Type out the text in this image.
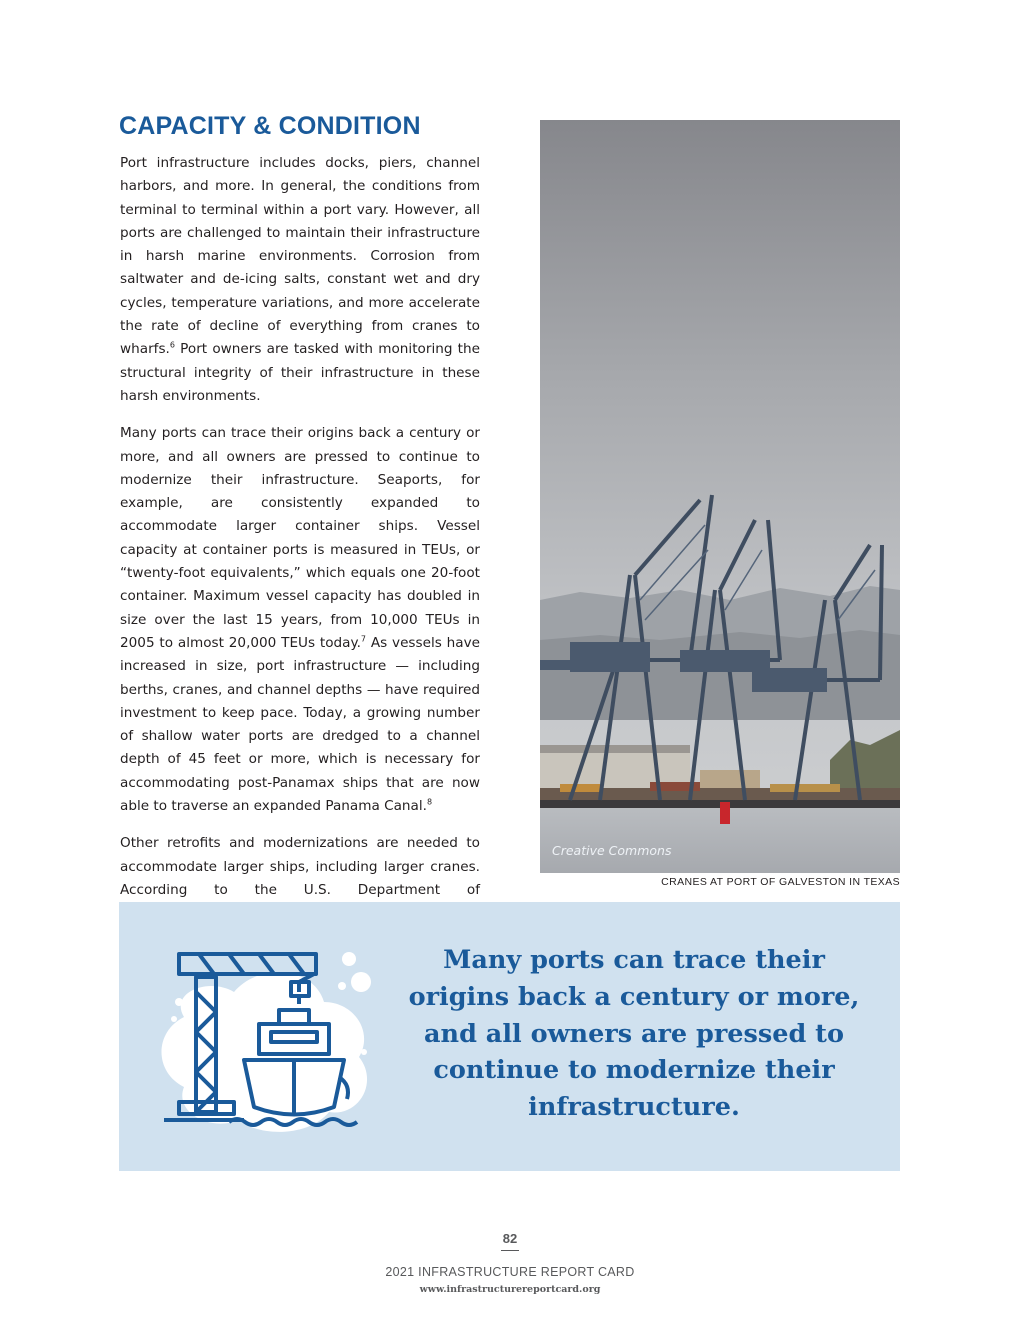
CAPACITY & CONDITION

Port infrastructure includes docks, piers, channel harbors, and more. In general, the conditions from terminal to terminal within a port vary. However, all ports are challenged to maintain their infrastructure in harsh marine environments. Corrosion from saltwater and de-icing salts, constant wet and dry cycles, temperature variations, and more accelerate the rate of decline of everything from cranes to wharfs.$^6$ Port owners are tasked with monitoring the structural integrity of their infrastructure in these harsh environments.

Many ports can trace their origins back a century or more, and all owners are pressed to continue to modernize their infrastructure. Seaports, for example, are consistently expanded to accommodate larger container ships. Vessel capacity at container ports is measured in TEUs, or “twenty-foot equivalents,” which equals one 20-foot container. Maximum vessel capacity has doubled in size over the last 15 years, from 10,000 TEUs in 2005 to almost 20,000 TEUs today.$^7$ As vessels have increased in size, port infrastructure — including berths, cranes, and channel depths — have required investment to keep pace. Today, a growing number of shallow water ports are dredged to a channel depth of 45 feet or more, which is necessary for accommodating post-Panamax ships that are now able to traverse an expanded Panama Canal.$^8$

Other retrofits and modernizations are needed to accommodate larger ships, including larger cranes. According to the U.S. Department of

Creative Commons
CRANES AT PORT OF GALVESTON IN TEXAS

Many ports can trace their origins back a century or more, and all owners are pressed to continue to modernize their infrastructure.

82
2021 INFRASTRUCTURE REPORT CARD
www.infrastructurereportcard.org
